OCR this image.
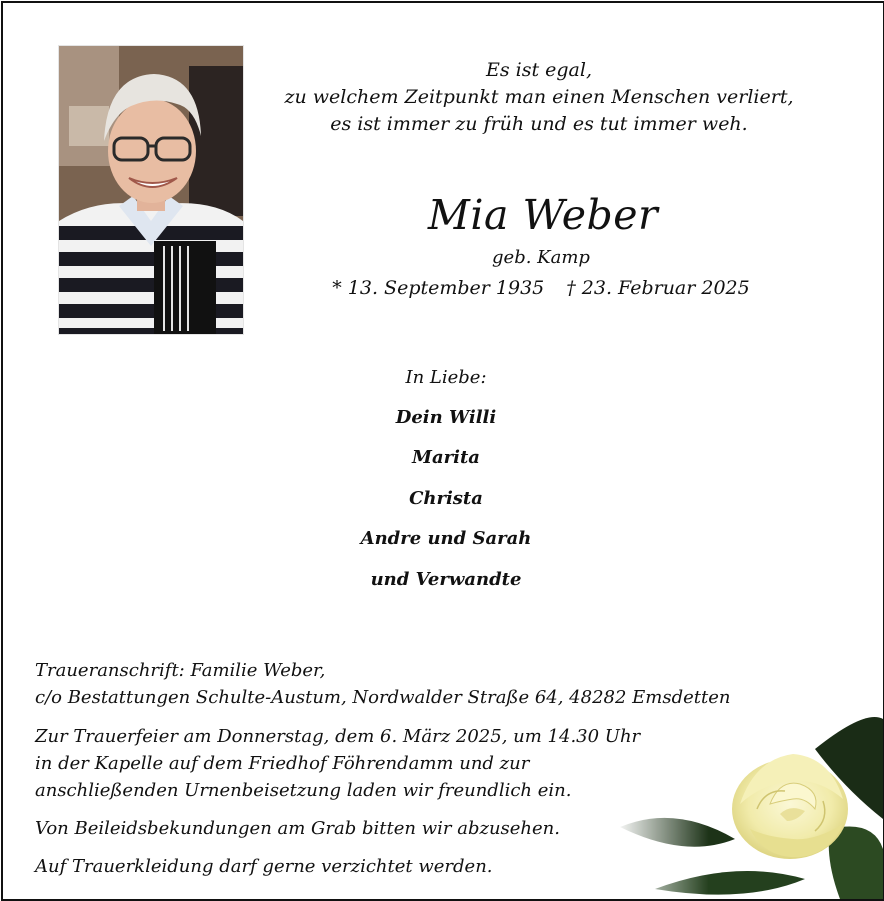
Es ist egal,
zu welchem Zeitpunkt man einen Menschen verliert,
es ist immer zu früh und es tut immer weh.
Mia Weber
geb. Kamp
* 13. September 1935 † 23. Februar 2025
In Liebe:
Dein Willi
Marita
Christa
Andre und Sarah
und Verwandte

Traueranschrift: Familie Weber,

c/o Bestattungen Schulte-Austum, Nordwalder Straße 64, 48282 Emsdetten

Zur Trauerfeier am Donnerstag, dem 6. März 2025, um 14.30 Uhr

in der Kapelle auf dem Friedhof Föhrendamm und zur

anschließenden Urnenbeisetzung laden wir freundlich ein.

Von Beileidsbekundungen am Grab bitten wir abzusehen.

Auf Trauerkleidung darf gerne verzichtet werden.
